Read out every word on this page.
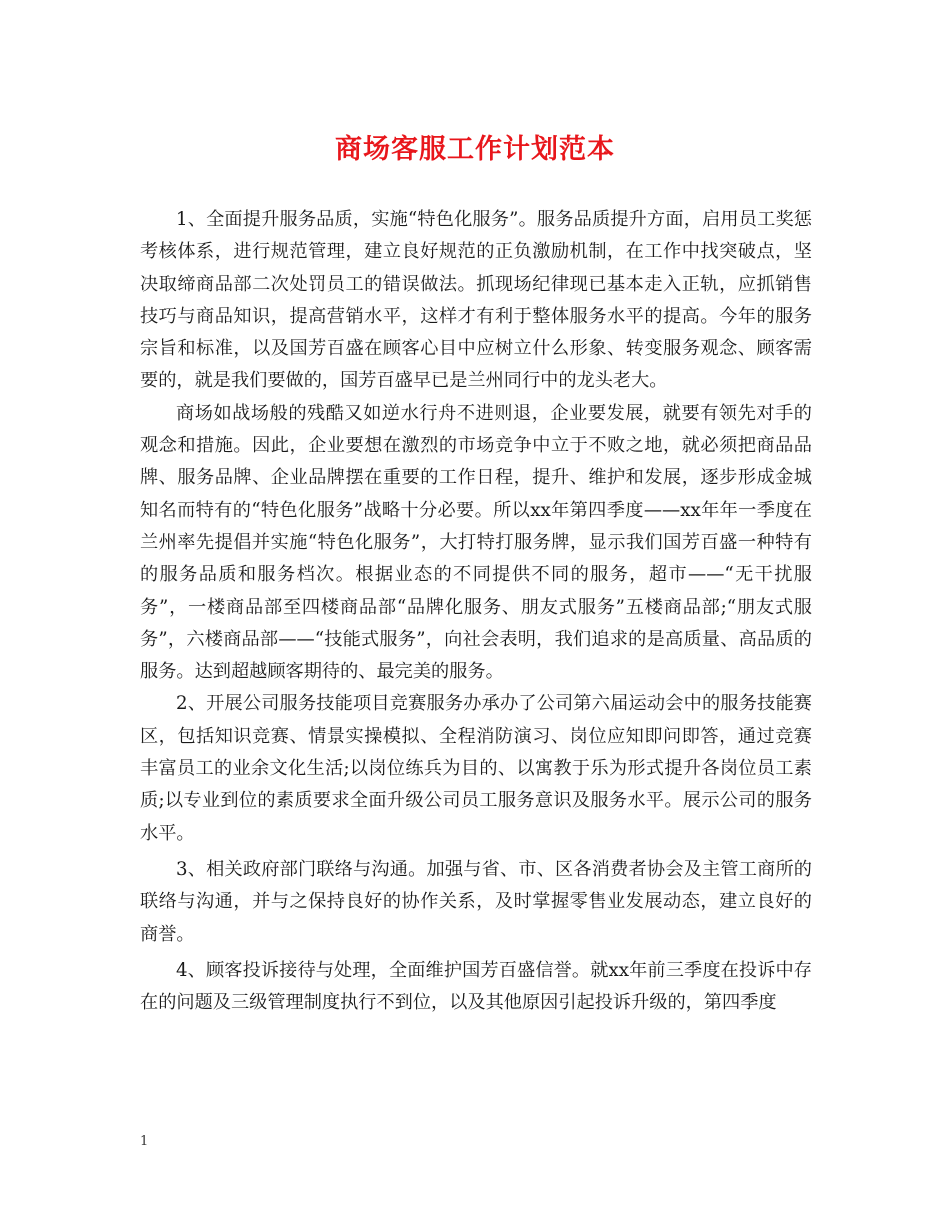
商场客服工作计划范本

1、全面提升服务品质，实施“特色化服务”。服务品质提升方面，启用员工奖惩考核体系，进行规范管理，建立良好规范的正负激励机制，在工作中找突破点，坚决取缔商品部二次处罚员工的错误做法。抓现场纪律现已基本走入正轨，应抓销售技巧与商品知识，提高营销水平，这样才有利于整体服务水平的提高。今年的服务宗旨和标准，以及国芳百盛在顾客心目中应树立什么形象、转变服务观念、顾客需要的，就是我们要做的，国芳百盛早已是兰州同行中的龙头老大。

商场如战场般的残酷又如逆水行舟不进则退，企业要发展，就要有领先对手的观念和措施。因此，企业要想在激烈的市场竞争中立于不败之地，就必须把商品品牌、服务品牌、企业品牌摆在重要的工作日程，提升、维护和发展，逐步形成金城知名而特有的“特色化服务”战略十分必要。所以xx年第四季度——xx年年一季度在兰州率先提倡并实施“特色化服务”，大打特打服务牌，显示我们国芳百盛一种特有的服务品质和服务档次。根据业态的不同提供不同的服务，超市——“无干扰服务”，一楼商品部至四楼商品部“品牌化服务、朋友式服务”五楼商品部;“朋友式服务”，六楼商品部——“技能式服务”，向社会表明，我们追求的是高质量、高品质的服务。达到超越顾客期待的、最完美的服务。

2、开展公司服务技能项目竞赛服务办承办了公司第六届运动会中的服务技能赛区，包括知识竞赛、情景实操模拟、全程消防演习、岗位应知即问即答，通过竞赛丰富员工的业余文化生活;以岗位练兵为目的、以寓教于乐为形式提升各岗位员工素质;以专业到位的素质要求全面升级公司员工服务意识及服务水平。展示公司的服务水平。

3、相关政府部门联络与沟通。加强与省、市、区各消费者协会及主管工商所的联络与沟通，并与之保持良好的协作关系，及时掌握零售业发展动态，建立良好的商誉。

4、顾客投诉接待与处理，全面维护国芳百盛信誉。就xx年前三季度在投诉中存在的问题及三级管理制度执行不到位，以及其他原因引起投诉升级的，第四季度

1
